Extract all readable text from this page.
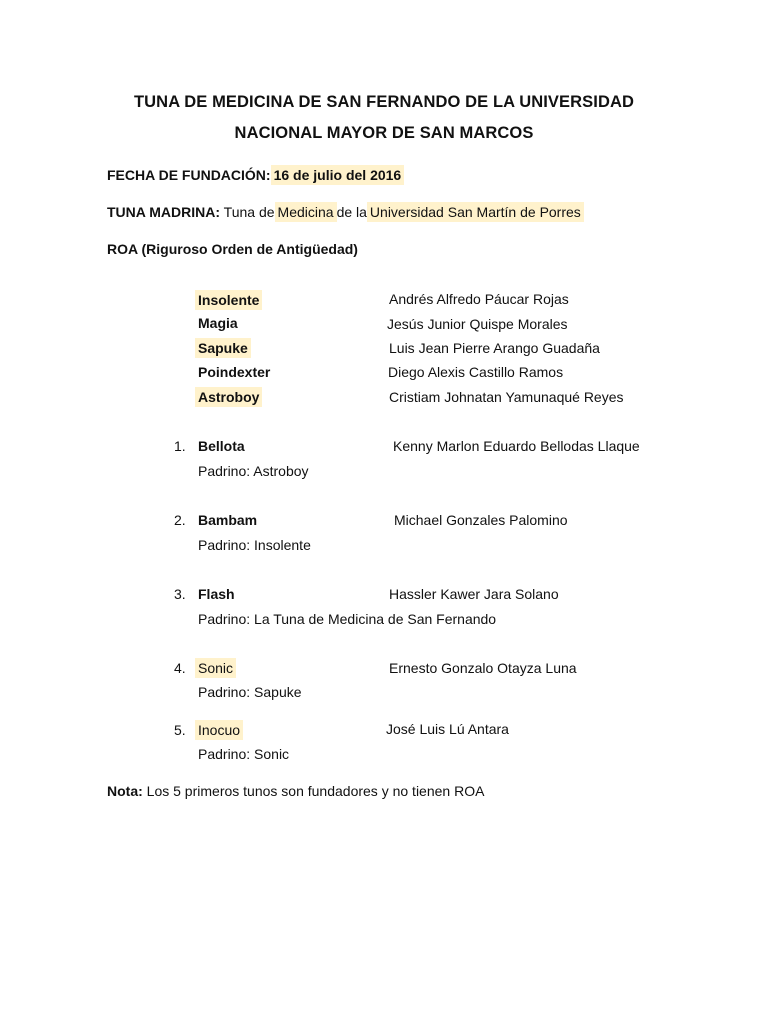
TUNA DE MEDICINA DE SAN FERNANDO DE LA UNIVERSIDAD
NACIONAL MAYOR DE SAN MARCOS
FECHA DE FUNDACIÓN: 16 de julio del 2016
TUNA MADRINA: Tuna de Medicina de la Universidad San Martín de Porres
ROA (Riguroso Orden de Antigüedad)
Insolente	Andrés Alfredo Páucar Rojas
Magia	Jesús Junior Quispe Morales
Sapuke	Luis Jean Pierre Arango Guadaña
Poindexter	Diego Alexis Castillo Ramos
Astroboy	Cristiam Johnatan Yamunaqué Reyes
1. Bellota	Kenny Marlon Eduardo Bellodas Llaque
Padrino: Astroboy
2. Bambam	Michael Gonzales Palomino
Padrino: Insolente
3. Flash	Hassler Kawer Jara Solano
Padrino: La Tuna de Medicina de San Fernando
4. Sonic	Ernesto Gonzalo Otayza Luna
Padrino: Sapuke
5. Inocuo	José Luis Lú Antara
Padrino: Sonic
Nota: Los 5 primeros tunos son fundadores y no tienen ROA
